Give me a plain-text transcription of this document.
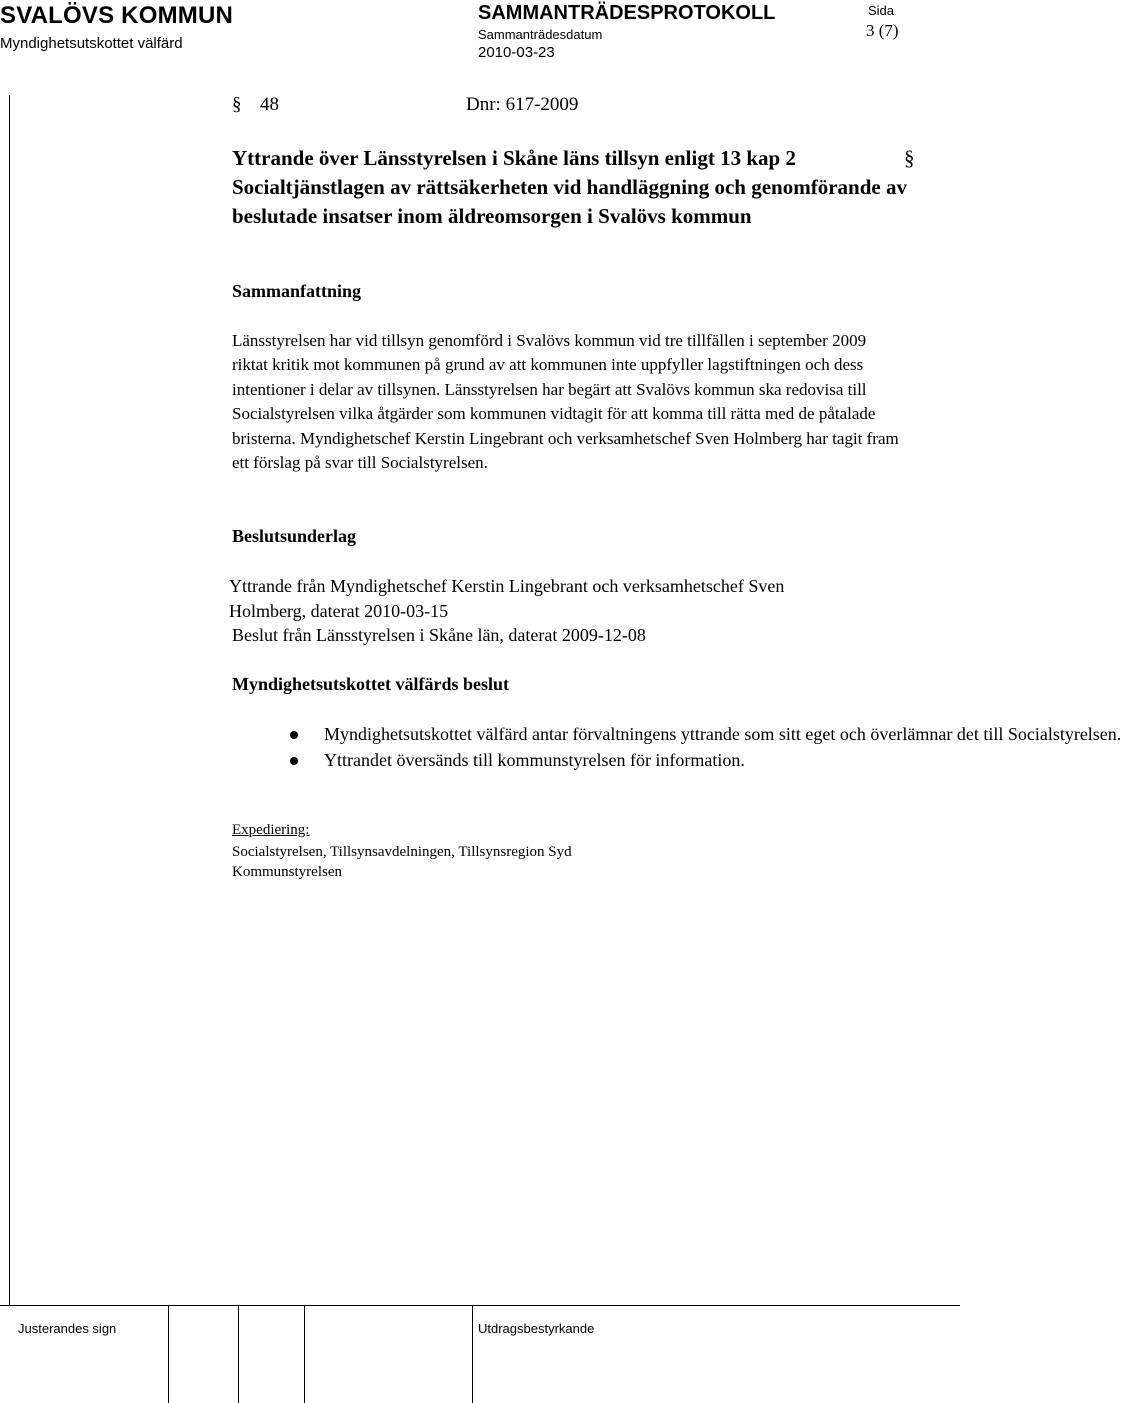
SVALÖVS KOMMUN
Myndighetsutskottet välfärd
SAMMANTRÄDESPROTOKOLL
Sammanträdesdatum
2010-03-23
Sida
3 (7)
§ 48	Dnr: 617-2009
Yttrande över Länsstyrelsen i Skåne läns tillsyn enligt 13 kap 2 Socialtjänstlagen av rättsäkerheten vid handläggning och genomförande av beslutade insatser inom äldreomsorgen i Svalövs kommun
§
Sammanfattning
Länsstyrelsen har vid tillsyn genomförd i Svalövs kommun vid tre tillfällen i september 2009 riktat kritik mot kommunen på grund av att kommunen inte uppfyller lagstiftningen och dess intentioner i delar av tillsynen. Länsstyrelsen har begärt att Svalövs kommun ska redovisa till Socialstyrelsen vilka åtgärder som kommunen vidtagit för att komma till rätta med de påtalade bristerna. Myndighetschef Kerstin Lingebrant och verksamhetschef Sven Holmberg har tagit fram ett förslag på svar till Socialstyrelsen.
Beslutsunderlag
Yttrande från Myndighetschef Kerstin Lingebrant och verksamhetschef Sven
Holmberg, daterat 2010-03-15
Beslut från Länsstyrelsen i Skåne län, daterat 2009-12-08
Myndighetsutskottet välfärds beslut
Myndighetsutskottet välfärd antar förvaltningens yttrande som sitt eget och överlämnar det till Socialstyrelsen.
Yttrandet översänds till kommunstyrelsen för information.
Expediering:
Socialstyrelsen, Tillsynsavdelningen, Tillsynsregion Syd
Kommunstyrelsen
Justerandes sign	Utdragsbestyrkande
